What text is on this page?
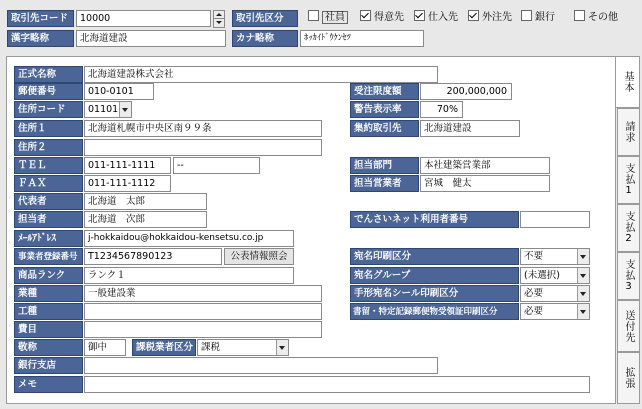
取引先コード	10000
漢字略称	北海道建設
取引先区分
カナ略称	ﾎｯｶｲﾄﾞｳｹﾝｾﾂ
社員	得意先	仕入先	外注先	銀行	その他
正式名称	北海道建設株式会社
郵便番号	010-0101
住所コード	01101
住所１	北海道札幌市中央区南９９条
住所２
ＴＥＬ	011-111-1111	--
ＦＡＸ	011-111-1112
代表者	北海道　太郎
担当者	北海道　次郎
ﾒｰﾙｱﾄﾞﾚｽ	j-hokkaidou@hokkaidou-kensetsu.co.jp
事業者登録番号	T1234567890123	公表情報照会
商品ランク	ランク１
業種	一般建設業
工種
費目
敬称	御中	課税業者区分 課税
銀行支店
メモ
受注限度額	200,000,000
警告表示率	70%
集約取引先	北海道建設
担当部門	本社建築営業部
担当営業者	宮城　健太
でんさいネット利用者番号
宛名印刷区分	不要
宛名グループ	(未選択)
手形宛名シール印刷区分	必要
書留・特定記録郵便物受領証印刷区分	必要
基本
請求
支払1
支払2
支払3
送付先
拡張
